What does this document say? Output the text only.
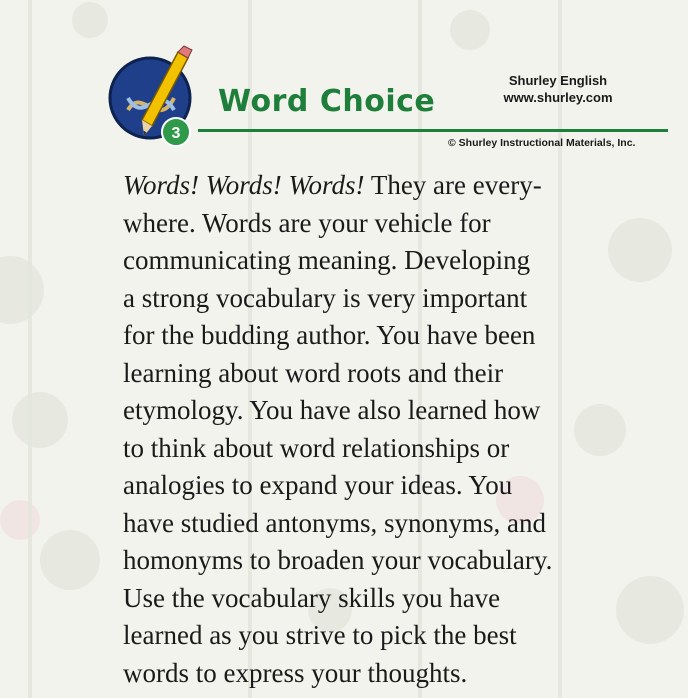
3
Word Choice
Shurley English
www.shurley.com
© Shurley Instructional Materials, Inc.
Words! Words! Words! They are every-
where. Words are your vehicle for
communicating meaning. Developing
a strong vocabulary is very important
for the budding author. You have been
learning about word roots and their
etymology. You have also learned how
to think about word relationships or
analogies to expand your ideas. You
have studied antonyms, synonyms, and
homonyms to broaden your vocabulary.
Use the vocabulary skills you have
learned as you strive to pick the best
words to express your thoughts.
